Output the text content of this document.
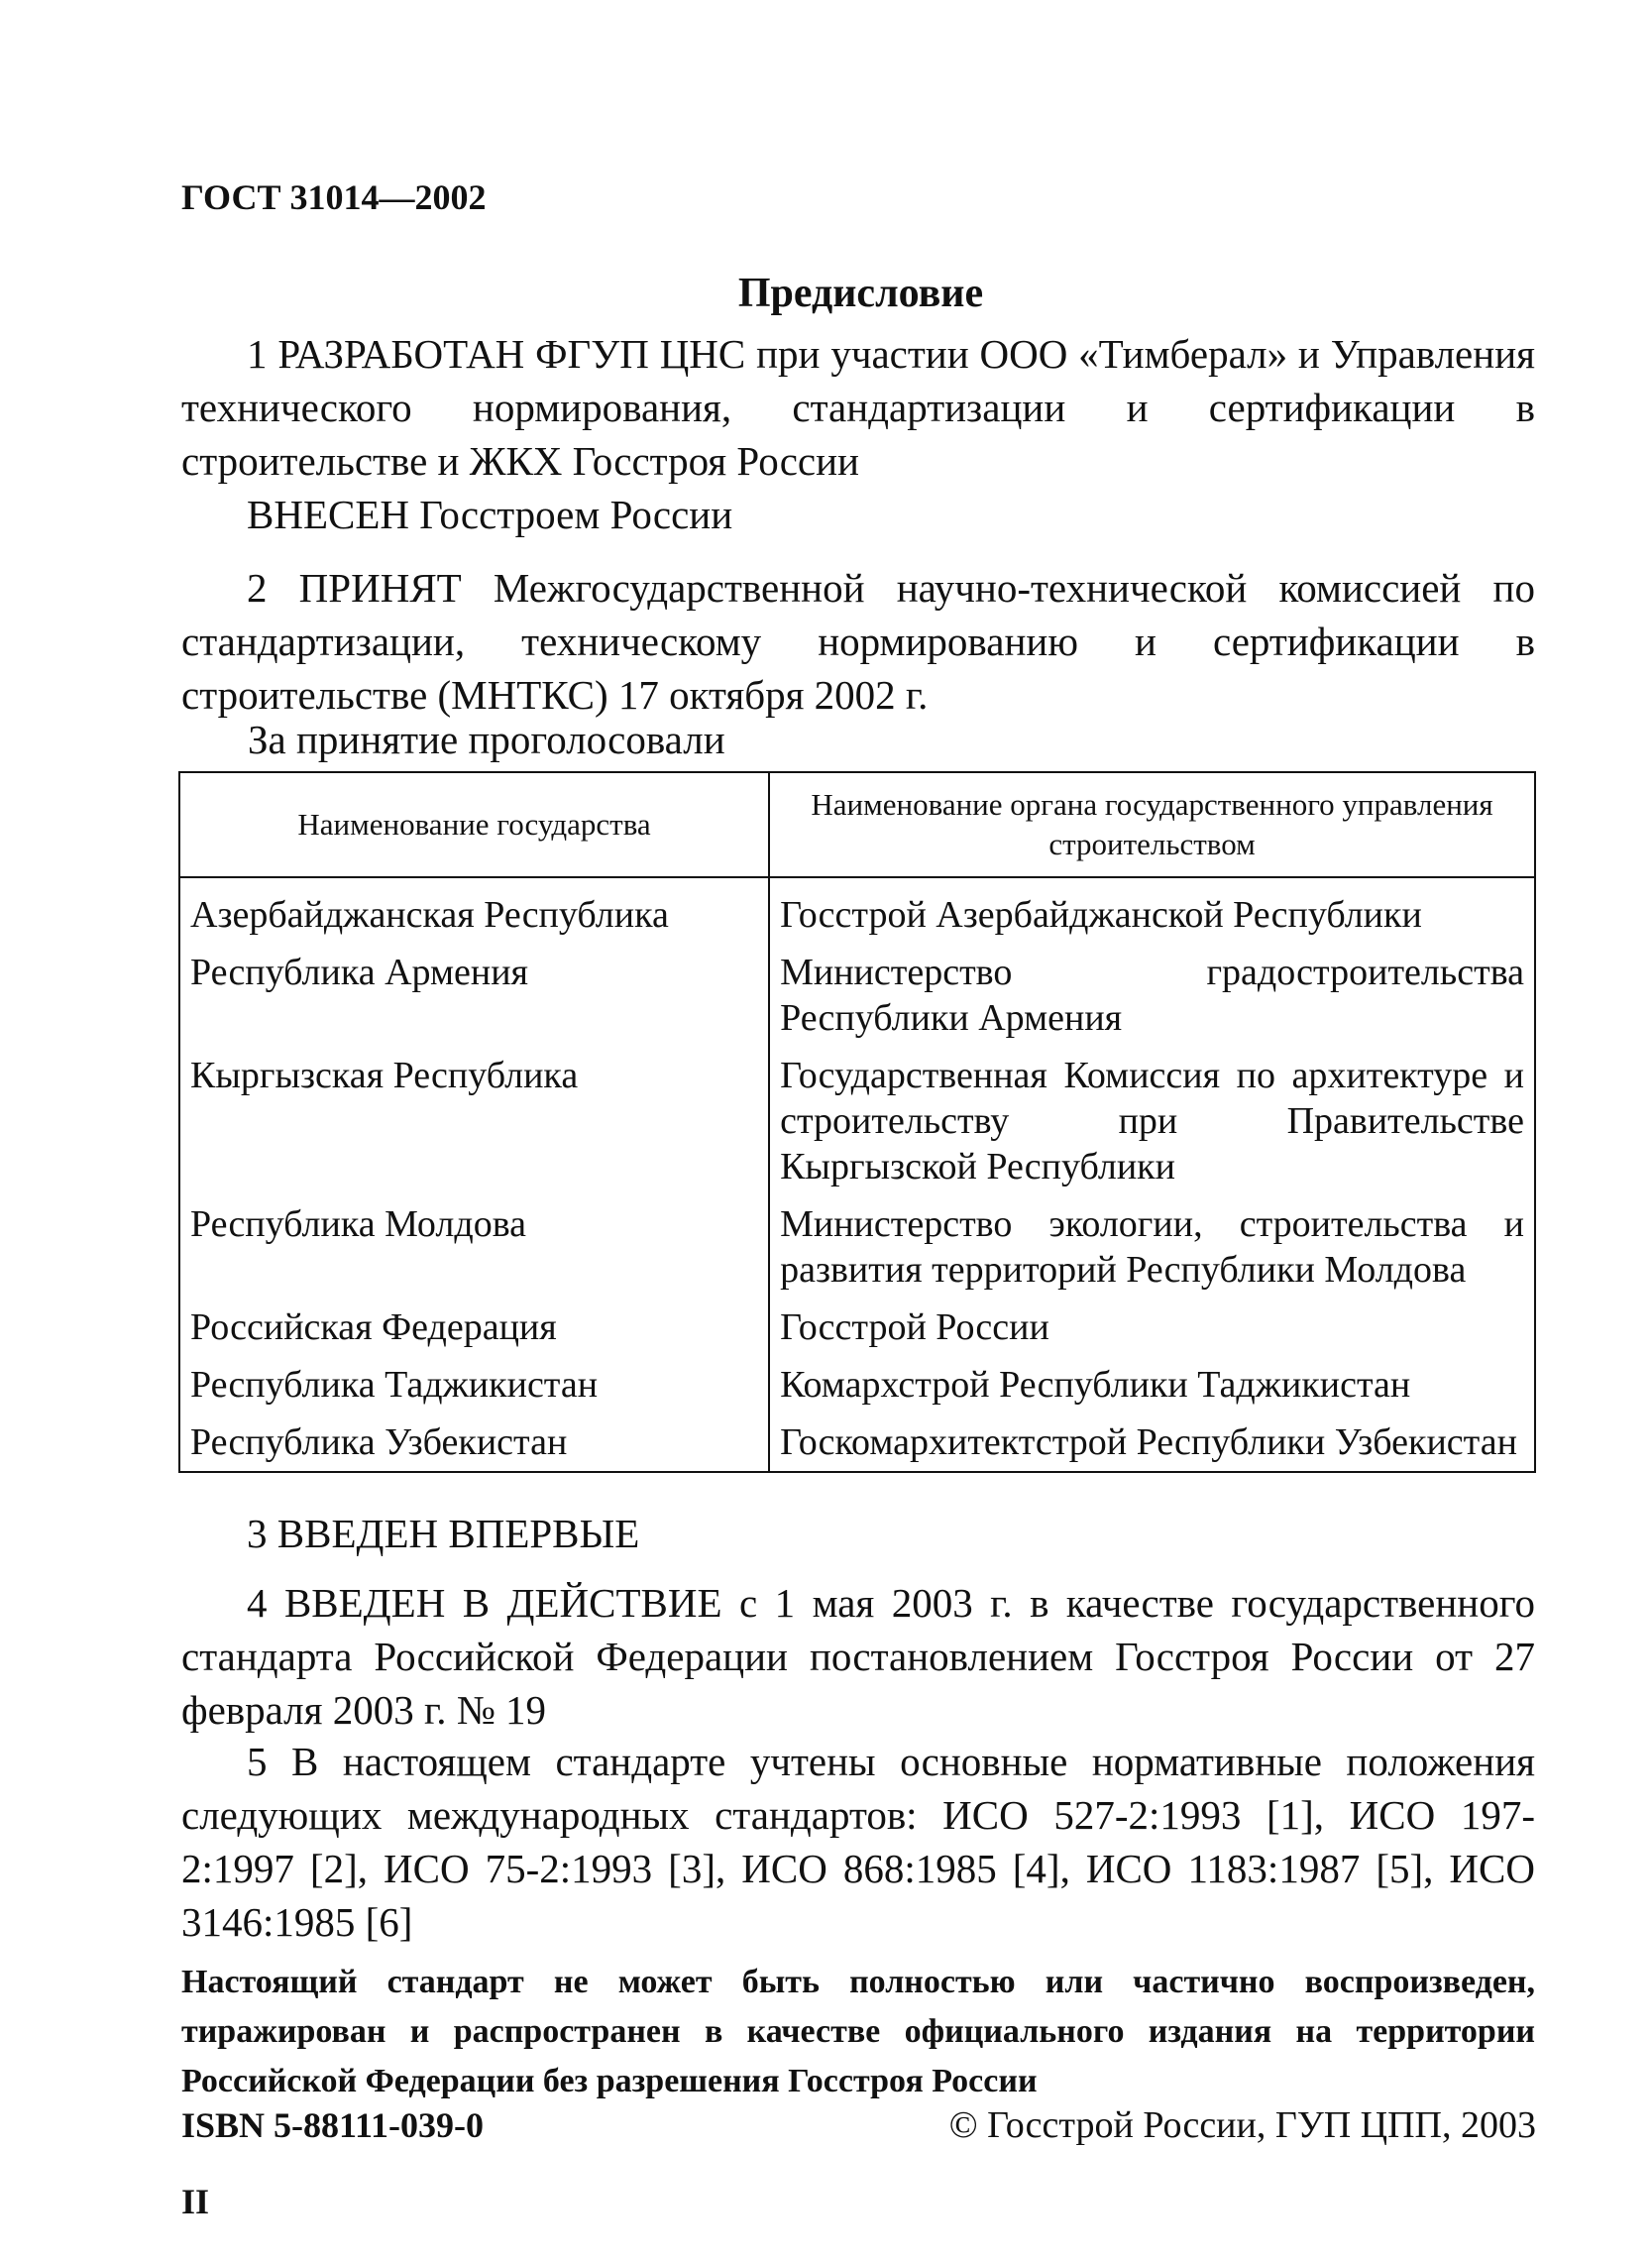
ГОСТ 31014—2002
Предисловие

1 РАЗРАБОТАН ФГУП ЦНС при участии ООО «Тимберал» и Управления технического нормирования, стандартизации и сертификации в строительстве и ЖКХ Госстроя России

ВНЕСЕН Госстроем России

2 ПРИНЯТ Межгосударственной научно-технической комиссией по стандартизации, техническому нормированию и сертификации в строительстве (МНТКС) 17 октября 2002 г.

За принятие проголосовали
Наименование государства	Наименование органа государственного управления строительством
Азербайджанская Республика	Госстрой Азербайджанской Республики
Республика Армения	Министерство градостроительства Республики Армения
Кыргызская Республика	Государственная Комиссия по архитектуре и строительству при Правительстве Кыргызской Республики
Республика Молдова	Министерство экологии, строительства и развития территорий Республики Молдова
Российская Федерация	Госстрой России
Республика Таджикистан	Комархстрой Республики Таджикистан
Республика Узбекистан	Госкомархитектстрой Республики Узбекистан

3 ВВЕДЕН ВПЕРВЫЕ

4 ВВЕДЕН В ДЕЙСТВИЕ с 1 мая 2003 г. в качестве государственного стандарта Российской Федерации постановлением Госстроя России от 27 февраля 2003 г. № 19

5 В настоящем стандарте учтены основные нормативные положения следующих международных стандартов: ИСО 527-2:1993 [1], ИСО 197-2:1997 [2], ИСО 75-2:1993 [3], ИСО 868:1985 [4], ИСО 1183:1987 [5], ИСО 3146:1985 [6]

Настоящий стандарт не может быть полностью или частично воспроизведен, тиражирован и распространен в качестве официального издания на территории Российской Федерации без разрешения Госстроя России
ISBN 5-88111-039-0	© Госстрой России, ГУП ЦПП, 2003
II
